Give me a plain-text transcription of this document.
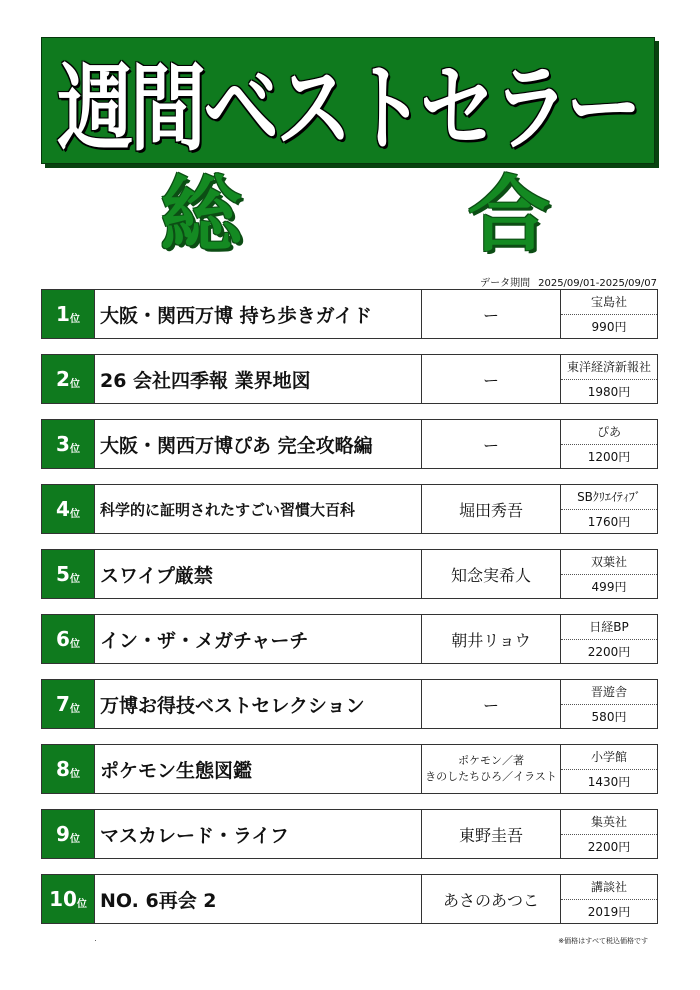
週間ベストセラー
総	合
データ期間 2025/09/01-2025/09/07
1 位	大阪・関西万博 持ち歩きガイド	ー
宝島社
990円
2 位	26 会社四季報 業界地図	ー
東洋経済新報社
1980円
3 位	大阪・関西万博ぴあ 完全攻略編	ー
ぴあ
1200円
4 位	科学的に証明されたすごい習慣大百科	堀田秀吾
SBｸﾘｴｲﾃｨﾌﾞ
1760円
5 位	スワイプ厳禁	知念実希人
双葉社
499円
6 位	イン・ザ・メガチャーチ	朝井リョウ
日経BP
2200円
7 位	万博お得技ベストセレクション	ー
晋遊舎
580円
8 位	ポケモン生態図鑑	ポケモン／著
きのしたちひろ／イラスト
小学館
1430円
9 位	マスカレード・ライフ	東野圭吾
集英社
2200円
10 位 NO. 6再会 2	あさのあつこ
講談社
2019円
※価格はすべて税込価格です
